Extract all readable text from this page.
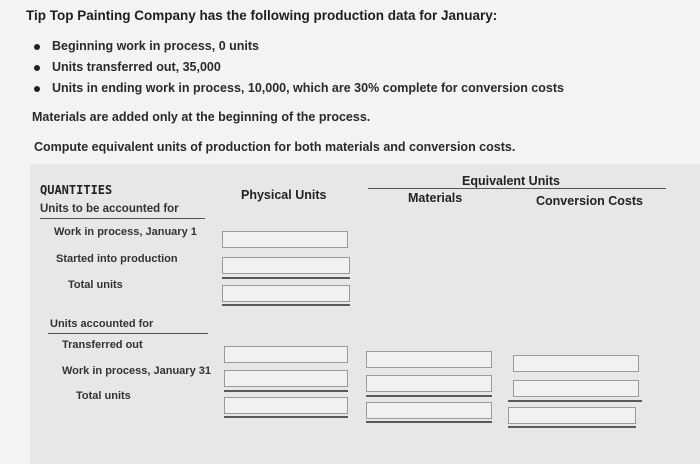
Tip Top Painting Company has the following production data for January:
Beginning work in process, 0 units
Units transferred out, 35,000
Units in ending work in process, 10,000, which are 30% complete for conversion costs
Materials are added only at the beginning of the process.
Compute equivalent units of production for both materials and conversion costs.
Equivalent Units
Physical Units	Materials	Conversion Costs
QUANTITIES
Units to be accounted for
Work in process, January 1
Started into production
Total units
Units accounted for
Transferred out
Work in process, January 31
Total units
